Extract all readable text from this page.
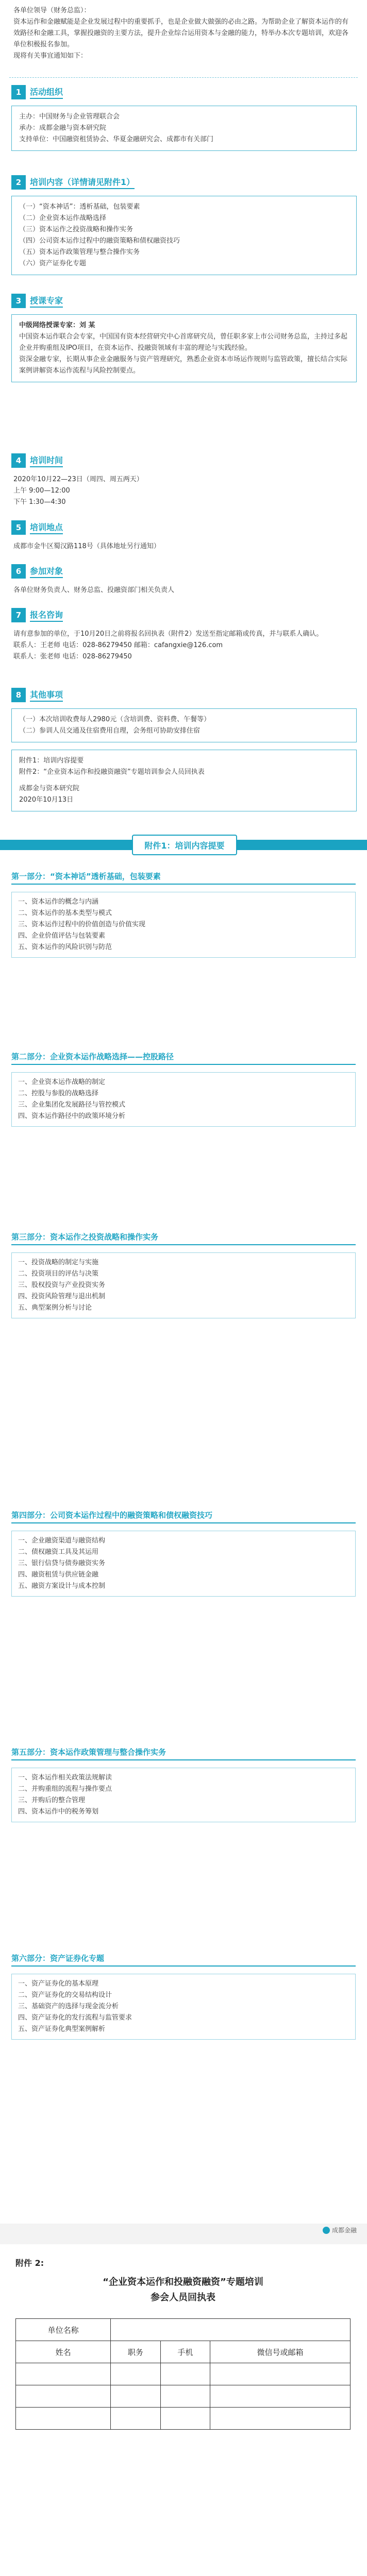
各单位领导（财务总监）：

资本运作和金融赋能是企业发展过程中的重要抓手，也是企业做大做强的必由之路。为帮助企业了解资本运作的有效路径和金融工具，掌握投融资的主要方法，提升企业综合运用资本与金融的能力，特举办本次专题培训，欢迎各单位积极报名参加。

现将有关事宜通知如下：

1	活动组织

主办：中国财务与企业管理联合会

承办：成都金融与资本研究院

支持单位：中国融资租赁协会、华夏金融研究会、成都市有关部门

2	培训内容（详情请见附件1）

（一）“资本神话”：透析基础，包装要素

（二）企业资本运作战略选择

（三）资本运作之投资战略和操作实务

（四）公司资本运作过程中的融资策略和债权融资技巧

（五）资本运作政策管理与整合操作实务

（六）资产证券化专题

3	授课专家

中级网络授课专家：刘 某

中国资本运作联合会专家，中国国有资本经营研究中心首席研究员，曾任职多家上市公司财务总监，主持过多起企业并购重组及IPO项目，在资本运作、投融资领域有丰富的理论与实践经验。

资深金融专家，长期从事企业金融服务与资产管理研究，熟悉企业资本市场运作规则与监管政策，擅长结合实际案例讲解资本运作流程与风险控制要点。

4	培训时间

2020年10月22—23日（周四、周五两天）

上午 9:00—12:00

下午 1:30—4:30

5	培训地点

成都市金牛区蜀汉路118号（具体地址另行通知）

6	参加对象

各单位财务负责人、财务总监、投融资部门相关负责人

7	报名咨询

请有意参加的单位，于10月20日之前将报名回执表（附件2）发送至指定邮箱或传真，并与联系人确认。

联系人：王老师 电话：028-86279450 邮箱：cafangxie@126.com

联系人：张老师 电话：028-86279450

8	其他事项

（一）本次培训收费每人2980元（含培训费、资料费、午餐等）

（二）参训人员交通及住宿费用自理，会务组可协助安排住宿

附件1：培训内容提要

附件2：“企业资本运作和投融资融资”专题培训参会人员回执表

成都金与资本研究院

2020年10月13日

附件1：培训内容提要
第一部分：“资本神话”透析基础，包装要素

一、资本运作的概念与内涵

二、资本运作的基本类型与模式

三、资本运作过程中的价值创造与价值实现

四、企业价值评估与包装要素

五、资本运作的风险识别与防范

第二部分：企业资本运作战略选择——控股路径

一、企业资本运作战略的制定

二、控股与参股的战略选择

三、企业集团化发展路径与管控模式

四、资本运作路径中的政策环境分析

第三部分：资本运作之投资战略和操作实务

一、投资战略的制定与实施

二、投资项目的评估与决策

三、股权投资与产业投资实务

四、投资风险管理与退出机制

五、典型案例分析与讨论

第四部分：公司资本运作过程中的融资策略和债权融资技巧

一、企业融资渠道与融资结构

二、债权融资工具及其运用

三、银行信贷与债券融资实务

四、融资租赁与供应链金融

五、融资方案设计与成本控制

第五部分：资本运作政策管理与整合操作实务

一、资本运作相关政策法规解读

二、并购重组的流程与操作要点

三、并购后的整合管理

四、资本运作中的税务筹划

第六部分：资产证券化专题

一、资产证券化的基本原理

二、资产证券化的交易结构设计

三、基础资产的选择与现金流分析

四、资产证券化的发行流程与监管要求

五、资产证券化典型案例解析

成都金融
附件 2:
“企业资本运作和投融资融资”专题培训
参会人员回执表
单位名称			
姓名	职务	手机	微信号或邮箱
